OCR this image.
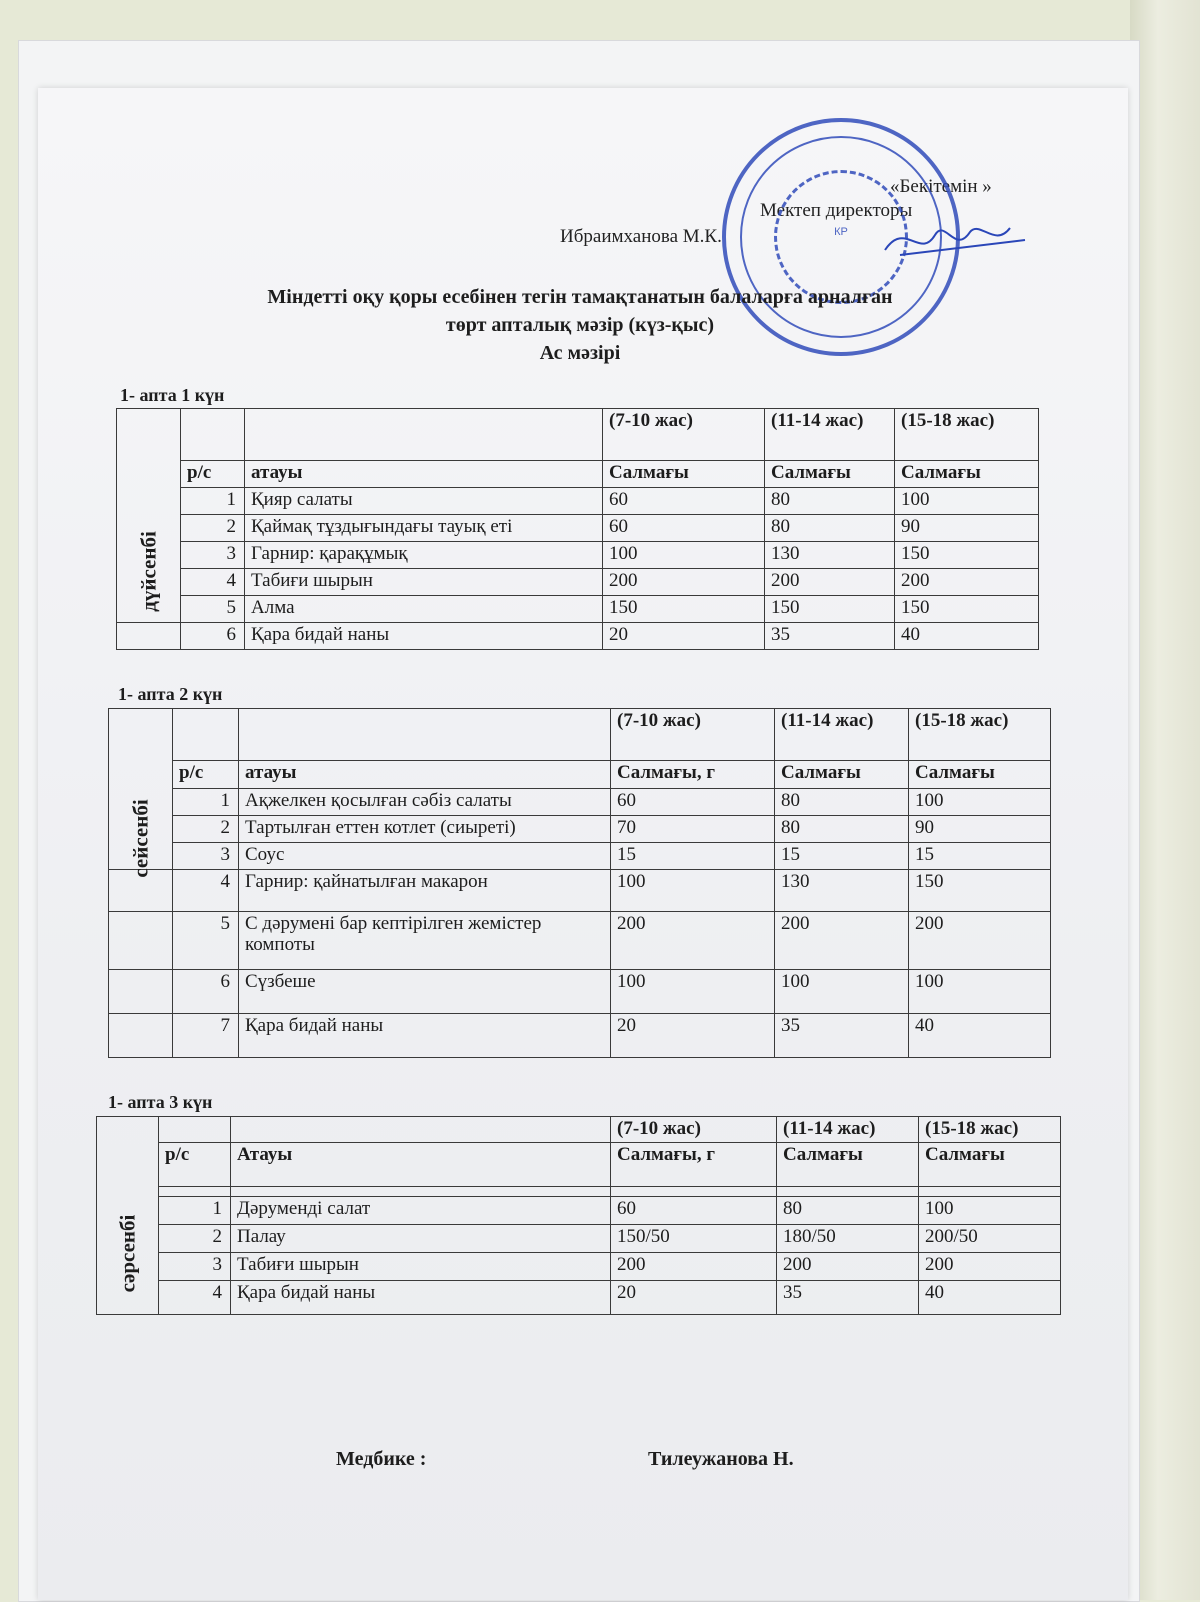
«Бекітемін »
Мектеп директоры
Ибраимханова М.К.	КР
Міндетті оқу қоры есебінен тегін тамақтанатын балаларға арналған
төрт апталық мәзір (күз-қыс)
Ас мәзірі
1- апта 1 күн
дүйсенбі			(7-10 жас)	(11-14 жас)	(15-18 жас)
	р/с	атауы	Салмағы	Салмағы	Салмағы
	1	Қияр салаты	60	80	100
	2	Қаймақ тұздығындағы тауық еті	60	80	90
	3	Гарнир: қарақұмық	100	130	150
	4	Табиғи шырын	200	200	200
	5	Алма	150	150	150
	6	Қара бидай наны	20	35	40
1- апта 2 күн
сейсенбі			(7-10 жас)	(11-14 жас)	(15-18 жас)
	р/с	атауы	Салмағы, г	Салмағы	Салмағы
	1	Ақжелкен қосылған сәбіз салаты	60	80	100
	2	Тартылған еттен котлет (сиыреті)	70	80	90
	3	Соус	15	15	15
	4	Гарнир: қайнатылған макарон	100	130	150
	5	С дәрумені бар кептірілген жемістер компоты	200	200	200
	6	Сүзбеше	100	100	100
	7	Қара бидай наны	20	35	40
1- апта 3 күн
сәрсенбі			(7-10 жас)	(11-14 жас)	(15-18 жас)
	р/с	Атауы	Салмағы, г	Салмағы	Салмағы

	1	Дәруменді салат	60	80	100
	2	Палау	150/50	180/50	200/50
	3	Табиғи шырын	200	200	200
	4	Қара бидай наны	20	35	40
Медбике :	Тилеужанова Н.
